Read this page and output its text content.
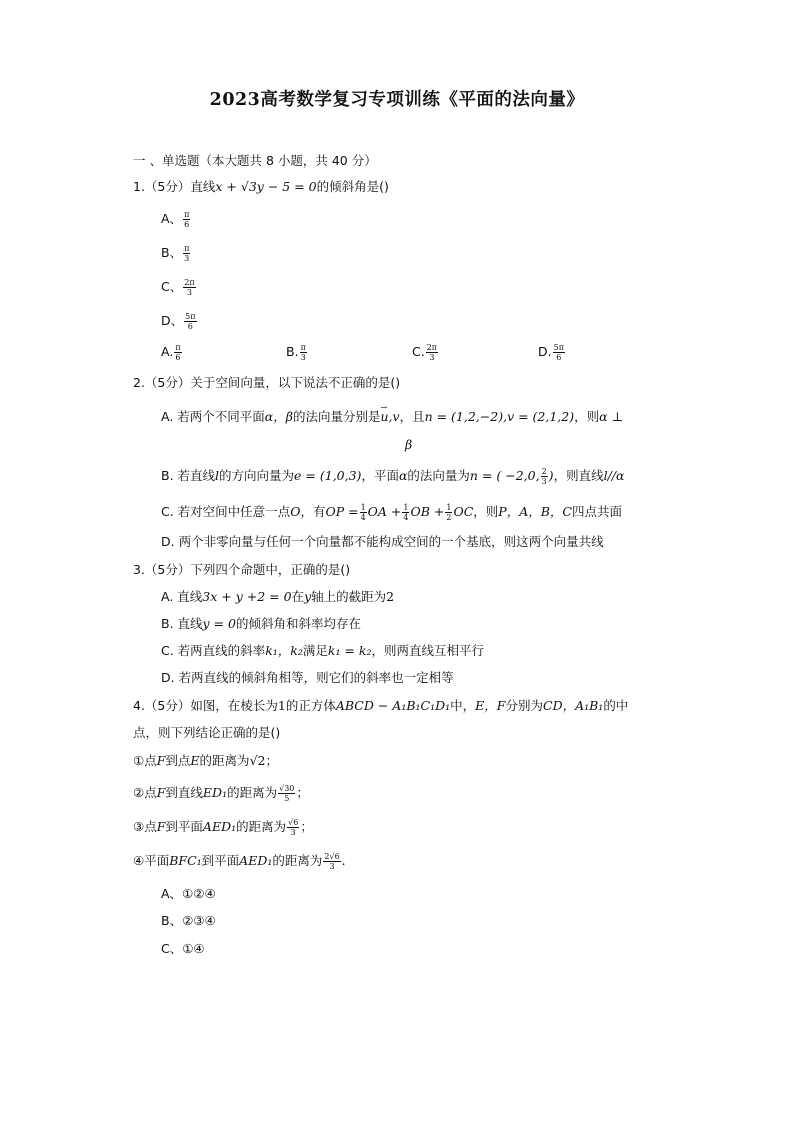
2023高考数学复习专项训练《平面的法向量》
一 、单选题（本大题共 8 小题，共 40 分）
1.（5分）直线x + √3y − 5 = 0的倾斜角是()
A、 $\frac{\pi}{6}$
B、 $\frac{\pi}{3}$
C、 $\frac{2\pi}{3}$
D、 $\frac{5\pi}{6}$
A. $\frac{\pi}{6}$	B. $\frac{\pi}{3}$	C. $\frac{2\pi}{3}$	D. $\frac{5\pi}{6}$
2.（5分）关于空间向量，以下说法不正确的是()
A. 若两个不同平面α，β的法向量分别是→ u,v，且n = (1,2,−2),v = (2,1,2)，则α ⊥
β
B. 若直线l的方向向量为e = (1,0,3)，平面α的法向量为n = ( −2,0, $\frac{2}{3}$ )，则直线l//α
C. 若对空间中任意一点O，有OP = $\frac{1}{4}$ OA + $\frac{1}{4}$ OB + $\frac{1}{2}$ OC，则P，A，B，C四点共面
D. 两个非零向量与任何一个向量都不能构成空间的一个基底，则这两个向量共线
3.（5分）下列四个命题中，正确的是()
A. 直线3x + y +2 = 0在y轴上的截距为2
B. 直线y = 0的倾斜角和斜率均存在
C. 若两直线的斜率k₁，k₂满足k₁ = k₂，则两直线互相平行
D. 若两直线的倾斜角相等，则它们的斜率也一定相等
4.（5分）如图，在棱长为1的正方体ABCD − A₁B₁C₁D₁中，E，F分别为CD，A₁B₁的中
点，则下列结论正确的是()
①点F到点E的距离为√2；
②点F到直线ED₁的距离为 $\frac{√30}{5}$ ；
③点F到平面AED₁的距离为 $\frac{√6}{3}$ ；
④平面BFC₁到平面AED₁的距离为 $\frac{2√6}{3}$ .
A、①②④
B、②③④
C、①④
